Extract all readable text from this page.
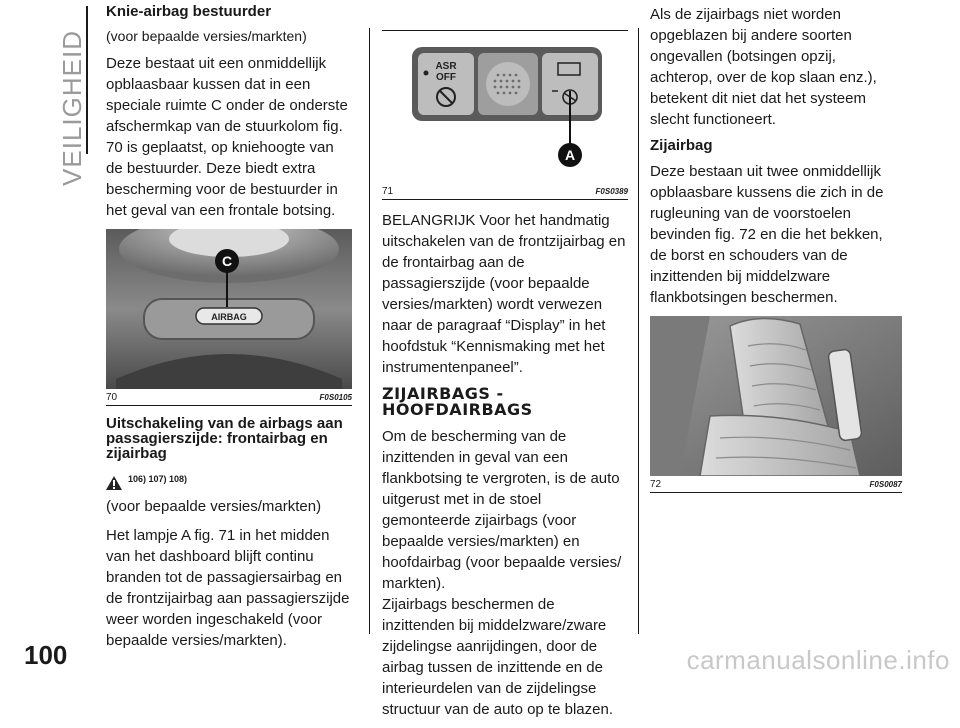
VEILIGHEID

Knie-airbag bestuurder

(voor bepaalde versies/markten)

Deze bestaat uit een onmiddellijk opblaasbaar kussen dat in een speciale ruimte C onder de onderste afschermkap van de stuurkolom fig. 70 is geplaatst, op kniehoogte van de bestuurder. Deze biedt extra bescherming voor de bestuurder in het geval van een frontale botsing.

AIRBAG
C
70	F0S0105

Uitschakeling van de airbags aan passagierszijde: frontairbag en zijairbag

106) 107) 108)

(voor bepaalde versies/markten)

Het lampje A fig. 71 in het midden van het dashboard blijft continu branden tot de passagiersairbag en de frontzijairbag aan passagierszijde weer worden ingeschakeld (voor bepaalde versies/markten).

ASR
OFF
A
71	F0S0389

BELANGRIJK Voor het handmatig uitschakelen van de frontzijairbag en de frontairbag aan de passagierszijde (voor bepaalde versies/markten) wordt verwezen naar de paragraaf “Display” in het hoofdstuk “Kennismaking met het instrumentenpaneel”.

ZIJAIRBAGS - HOOFDAIRBAGS

Om de bescherming van de inzittenden in geval van een flankbotsing te vergroten, is de auto uitgerust met in de stoel gemonteerde zijairbags (voor bepaalde versies/markten) en hoofdairbag (voor bepaalde versies/ markten).

Zijairbags beschermen de inzittenden bij middelzware/zware zijdelingse aanrijdingen, door de airbag tussen de inzittende en de interieurdelen van de zijdelingse structuur van de auto op te blazen.

Als de zijairbags niet worden opgeblazen bij andere soorten ongevallen (botsingen opzij, achterop, over de kop slaan enz.), betekent dit niet dat het systeem slecht functioneert.

Zijairbag

Deze bestaan uit twee onmiddellijk opblaasbare kussens die zich in de rugleuning van de voorstoelen bevinden fig. 72 en die het bekken, de borst en schouders van de inzittenden bij middelzware flankbotsingen beschermen.

72	F0S0087
100	carmanualsonline.info
